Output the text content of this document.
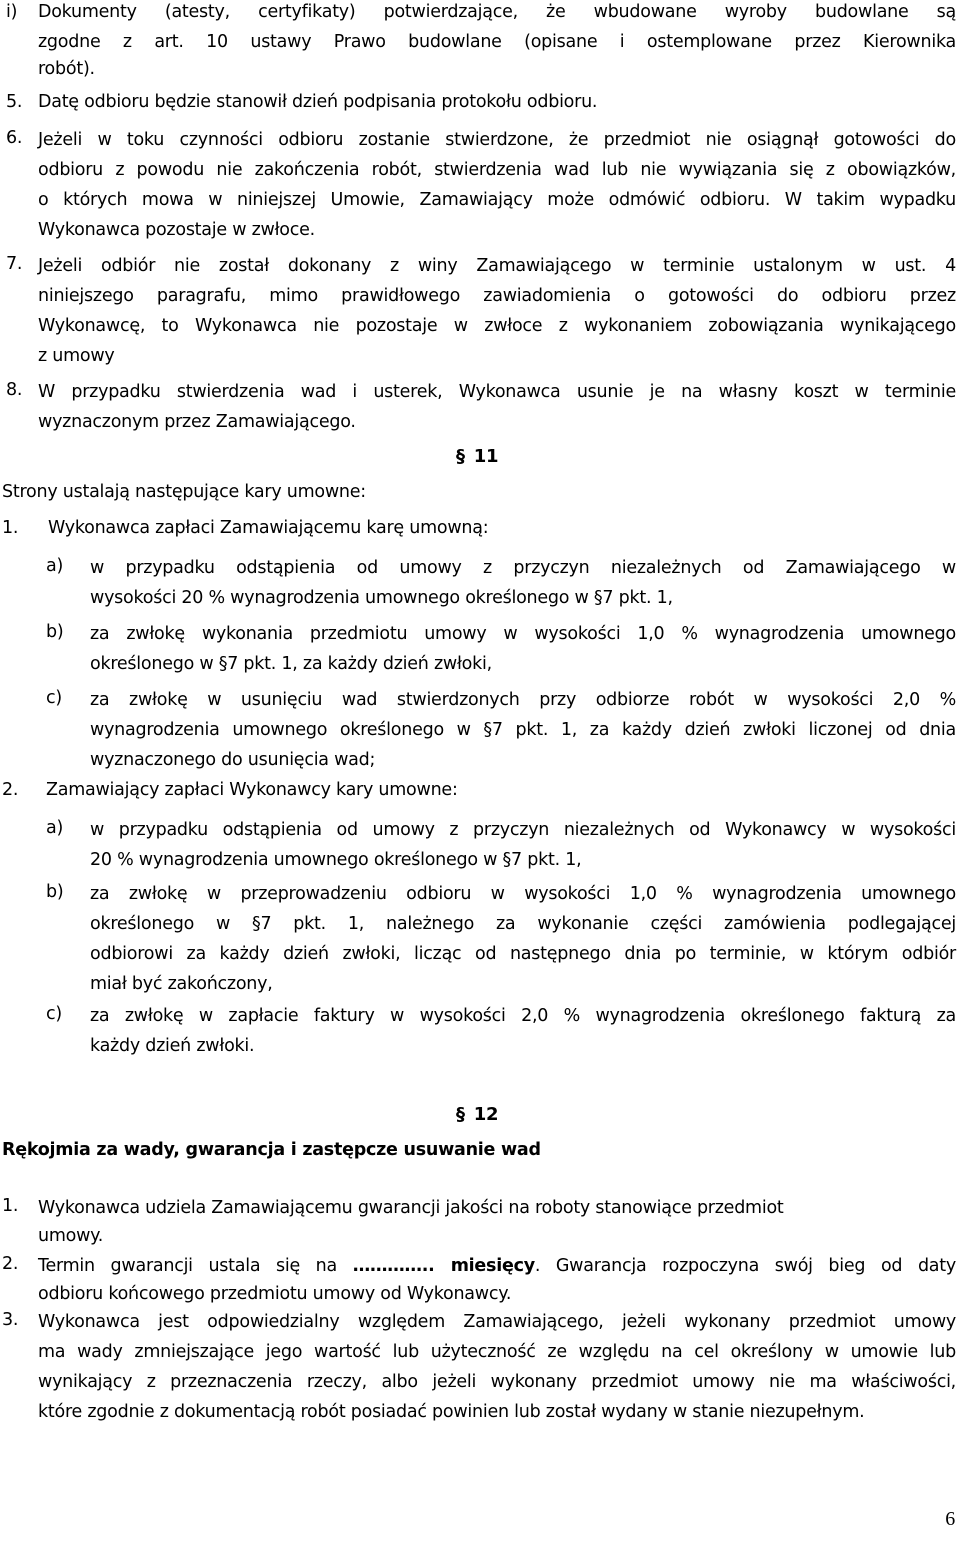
i) Dokumenty (atesty, certyfikaty) potwierdzające, że wbudowane wyroby budowlane są
zgodne z art. 10 ustawy Prawo budowlane (opisane i ostemplowane przez Kierownika
robót).
5. Datę odbioru będzie stanowił dzień podpisania protokołu odbioru.
6. Jeżeli w toku czynności odbioru zostanie stwierdzone, że przedmiot nie osiągnął gotowości do
odbioru z powodu nie zakończenia robót, stwierdzenia wad lub nie wywiązania się z obowiązków,
o których mowa w niniejszej Umowie, Zamawiający może odmówić odbioru. W takim wypadku
Wykonawca pozostaje w zwłoce.
7. Jeżeli odbiór nie został dokonany z winy Zamawiającego w terminie ustalonym w ust. 4
niniejszego paragrafu, mimo prawidłowego zawiadomienia o gotowości do odbioru przez
Wykonawcę, to Wykonawca nie pozostaje w zwłoce z wykonaniem zobowiązania wynikającego
z umowy
8. W przypadku stwierdzenia wad i usterek, Wykonawca usunie je na własny koszt w terminie
wyznaczonym przez Zamawiającego.
§ 11
Strony ustalają następujące kary umowne:
1. Wykonawca zapłaci Zamawiającemu karę umowną:
a) w przypadku odstąpienia od umowy z przyczyn niezależnych od Zamawiającego w
wysokości 20 % wynagrodzenia umownego określonego w §7 pkt. 1,
b) za zwłokę wykonania przedmiotu umowy w wysokości 1,0 % wynagrodzenia umownego
określonego w §7 pkt. 1, za każdy dzień zwłoki,
c) za zwłokę w usunięciu wad stwierdzonych przy odbiorze robót w wysokości 2,0 %
wynagrodzenia umownego określonego w §7 pkt. 1, za każdy dzień zwłoki liczonej od dnia
wyznaczonego do usunięcia wad;
2. Zamawiający zapłaci Wykonawcy kary umowne:
a) w przypadku odstąpienia od umowy z przyczyn niezależnych od Wykonawcy w wysokości
20 % wynagrodzenia umownego określonego w §7 pkt. 1,
b) za zwłokę w przeprowadzeniu odbioru w wysokości 1,0 % wynagrodzenia umownego
określonego w §7 pkt. 1, należnego za wykonanie części zamówienia podlegającej
odbiorowi za każdy dzień zwłoki, licząc od następnego dnia po terminie, w którym odbiór
miał być zakończony,
c) za zwłokę w zapłacie faktury w wysokości 2,0 % wynagrodzenia określonego fakturą za
każdy dzień zwłoki.
§ 12
Rękojmia za wady, gwarancja i zastępcze usuwanie wad
1. Wykonawca udziela Zamawiającemu gwarancji jakości na roboty stanowiące przedmiot
umowy.
2. Termin gwarancji ustala się na ………….. miesięcy. Gwarancja rozpoczyna swój bieg od daty
odbioru końcowego przedmiotu umowy od Wykonawcy.
3. Wykonawca jest odpowiedzialny względem Zamawiającego, jeżeli wykonany przedmiot umowy
ma wady zmniejszające jego wartość lub użyteczność ze względu na cel określony w umowie lub
wynikający z przeznaczenia rzeczy, albo jeżeli wykonany przedmiot umowy nie ma właściwości,
które zgodnie z dokumentacją robót posiadać powinien lub został wydany w stanie niezupełnym.
6
